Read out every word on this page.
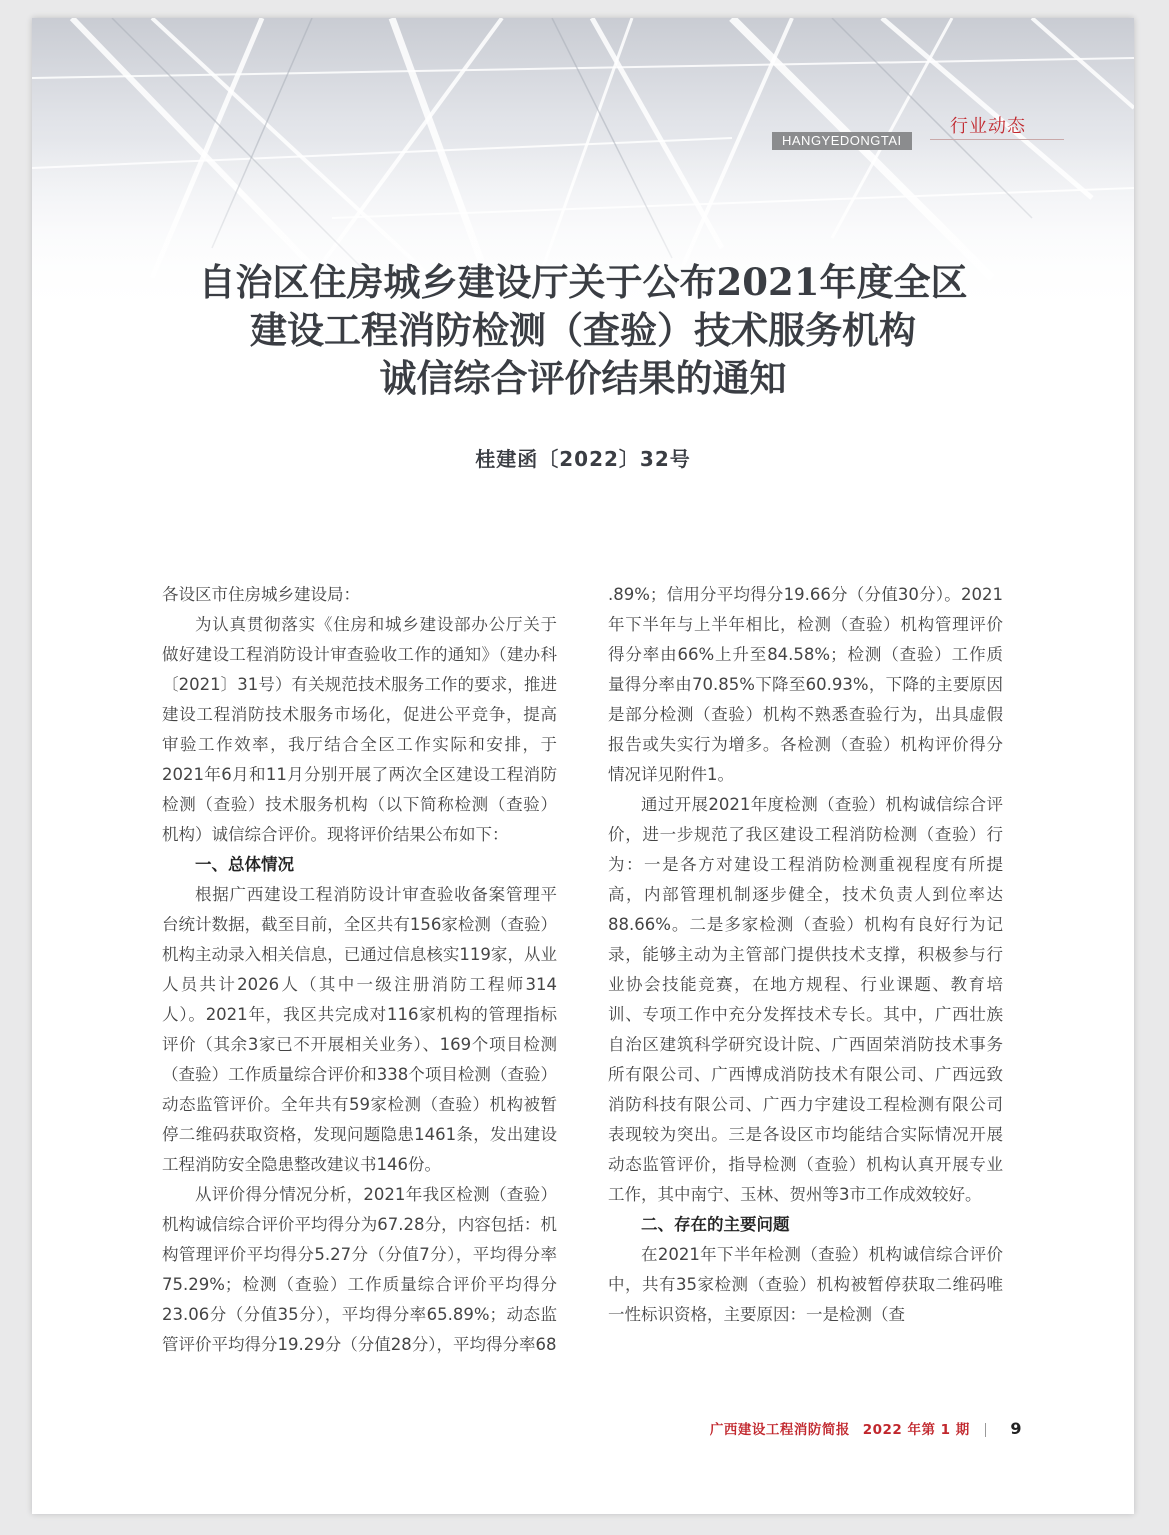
行业动态
HANGYEDONGTAI
自治区住房城乡建设厅关于公布2021年度全区
建设工程消防检测（查验）技术服务机构
诚信综合评价结果的通知
桂建函〔2022〕32号

各设区市住房城乡建设局：

为认真贯彻落实《住房和城乡建设部办公厅关于做好建设工程消防设计审查验收工作的通知》（建办科〔2021〕31号）有关规范技术服务工作的要求，推进建设工程消防技术服务市场化，促进公平竞争，提高审验工作效率，我厅结合全区工作实际和安排，于2021年6月和11月分别开展了两次全区建设工程消防检测（查验）技术服务机构（以下简称检测（查验）机构）诚信综合评价。现将评价结果公布如下：

一、总体情况

根据广西建设工程消防设计审查验收备案管理平台统计数据，截至目前，全区共有156家检测（查验）机构主动录入相关信息，已通过信息核实119家，从业人员共计2026人（其中一级注册消防工程师314人）。2021年，我区共完成对116家机构的管理指标评价（其余3家已不开展相关业务）、169个项目检测（查验）工作质量综合评价和338个项目检测（查验）动态监管评价。全年共有59家检测（查验）机构被暂停二维码获取资格，发现问题隐患1461条，发出建设工程消防安全隐患整改建议书146份。

从评价得分情况分析，2021年我区检测（查验）机构诚信综合评价平均得分为67.28分，内容包括：机构管理评价平均得分5.27分（分值7分），平均得分率75.29%；检测（查验）工作质量综合评价平均得分23.06分（分值35分），平均得分率65.89%；动态监管评价平均得分19.29分（分值28分），平均得分率68

.89%；信用分平均得分19.66分（分值30分）。2021年下半年与上半年相比，检测（查验）机构管理评价得分率由66%上升至84.58%；检测（查验）工作质量得分率由70.85%下降至60.93%，下降的主要原因是部分检测（查验）机构不熟悉查验行为，出具虚假报告或失实行为增多。各检测（查验）机构评价得分情况详见附件1。

通过开展2021年度检测（查验）机构诚信综合评价，进一步规范了我区建设工程消防检测（查验）行为：一是各方对建设工程消防检测重视程度有所提高，内部管理机制逐步健全，技术负责人到位率达88.66%。二是多家检测（查验）机构有良好行为记录，能够主动为主管部门提供技术支撑，积极参与行业协会技能竞赛，在地方规程、行业课题、教育培训、专项工作中充分发挥技术专长。其中，广西壮族自治区建筑科学研究设计院、广西固荣消防技术事务所有限公司、广西博成消防技术有限公司、广西远致消防科技有限公司、广西力宇建设工程检测有限公司表现较为突出。三是各设区市均能结合实际情况开展动态监管评价，指导检测（查验）机构认真开展专业工作，其中南宁、玉林、贺州等3市工作成效较好。

二、存在的主要问题

在2021年下半年检测（查验）机构诚信综合评价中，共有35家检测（查验）机构被暂停获取二维码唯一性标识资格，主要原因：一是检测（查

广西建设工程消防简报 2022 年第 1 期	9
